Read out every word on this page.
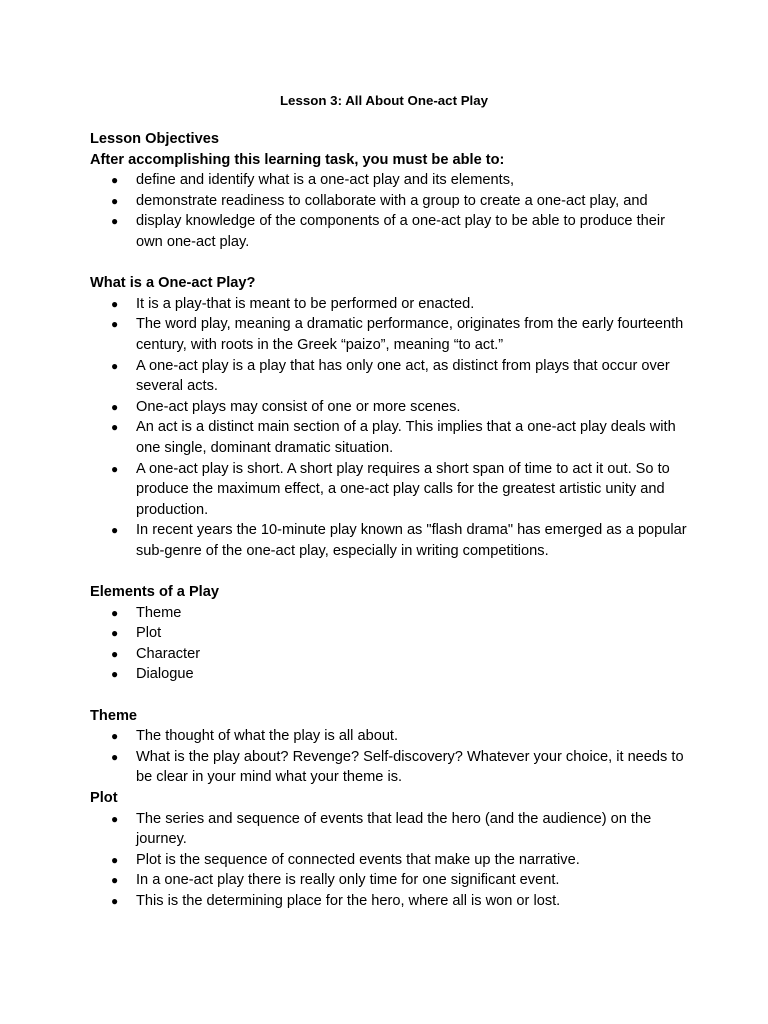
Lesson 3: All About One-act Play
Lesson Objectives
After accomplishing this learning task, you must be able to:
● define and identify what is a one-act play and its elements,
● demonstrate readiness to collaborate with a group to create a one-act play, and
● display knowledge of the components of a one-act play to be able to produce their own one-act play.
What is a One-act Play?
● It is a play-that is meant to be performed or enacted.
● The word play, meaning a dramatic performance, originates from the early fourteenth century, with roots in the Greek “paizo”, meaning “to act.”
● A one-act play is a play that has only one act, as distinct from plays that occur over several acts.
● One-act plays may consist of one or more scenes.
● An act is a distinct main section of a play. This implies that a one-act play deals with one single, dominant dramatic situation.
● A one-act play is short. A short play requires a short span of time to act it out. So to produce the maximum effect, a one-act play calls for the greatest artistic unity and production.
● In recent years the 10-minute play known as "flash drama" has emerged as a popular sub-genre of the one-act play, especially in writing competitions.
Elements of a Play
● Theme
● Plot
● Character
● Dialogue
Theme
● The thought of what the play is all about.
● What is the play about? Revenge? Self-discovery? Whatever your choice, it needs to be clear in your mind what your theme is.
Plot
● The series and sequence of events that lead the hero (and the audience) on the journey.
● Plot is the sequence of connected events that make up the narrative.
● In a one-act play there is really only time for one significant event.
● This is the determining place for the hero, where all is won or lost.
